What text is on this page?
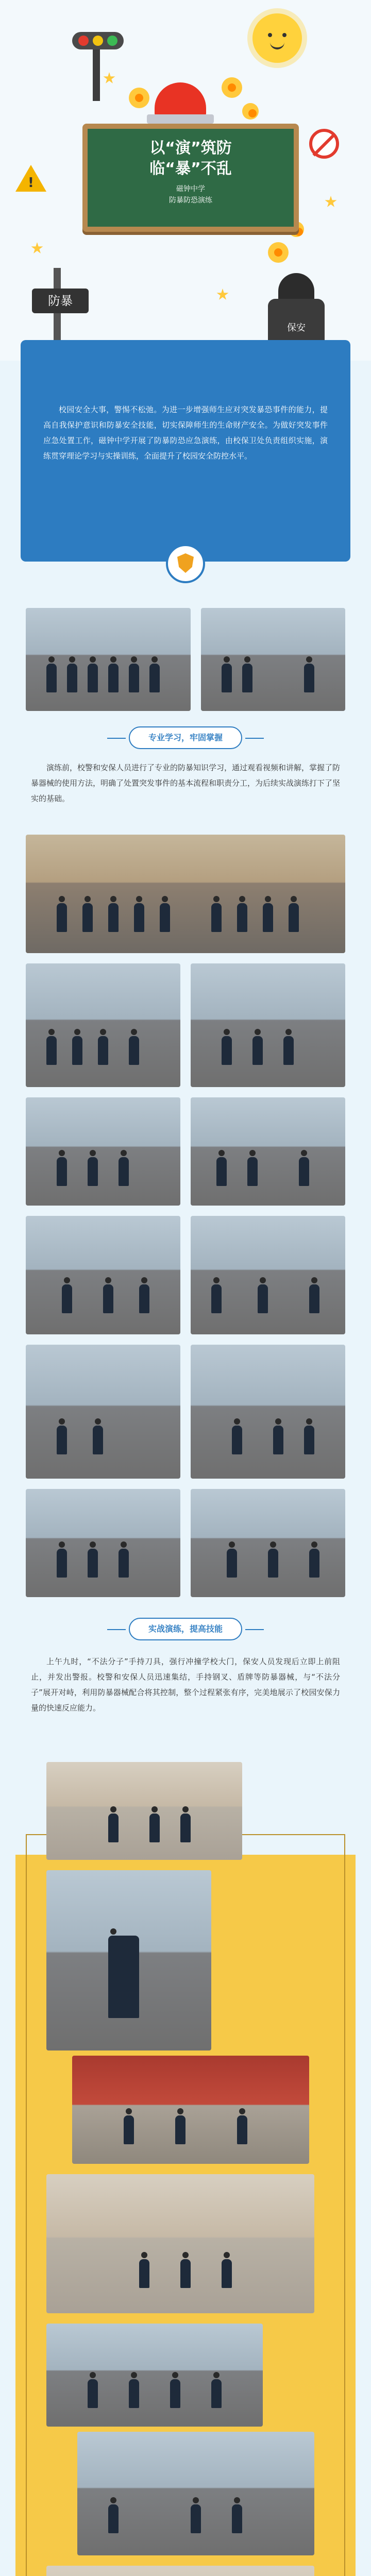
!
以“演”筑防
临“暴”不乱
磁钟中学
防暴防恐演练
防暴
保安

校园安全大事，警惕不松弛。为进一步增强师生应对突发暴恐事件的能力，提高自我保护意识和防暴安全技能，切实保障师生的生命财产安全。为做好突发事件应急处置工作，磁钟中学开展了防暴防恐应急演练，由校保卫处负责组织实施，演练贯穿理论学习与实操训练，全面提升了校园安全防控水平。

专业学习，牢固掌握

演练前，校警和安保人员进行了专业的防暴知识学习，通过观看视频和讲解，掌握了防暴器械的使用方法，明确了处置突发事件的基本流程和职责分工，为后续实战演练打下了坚实的基础。

实战演练，提高技能

上午九时，“不法分子”手持刀具，强行冲撞学校大门，保安人员发现后立即上前阻止，并发出警报。校警和安保人员迅速集结，手持钢叉、盾牌等防暴器械，与“不法分子”展开对峙，利用防暴器械配合将其控制，整个过程紧张有序，完美地展示了校园安保力量的快速反应能力。
